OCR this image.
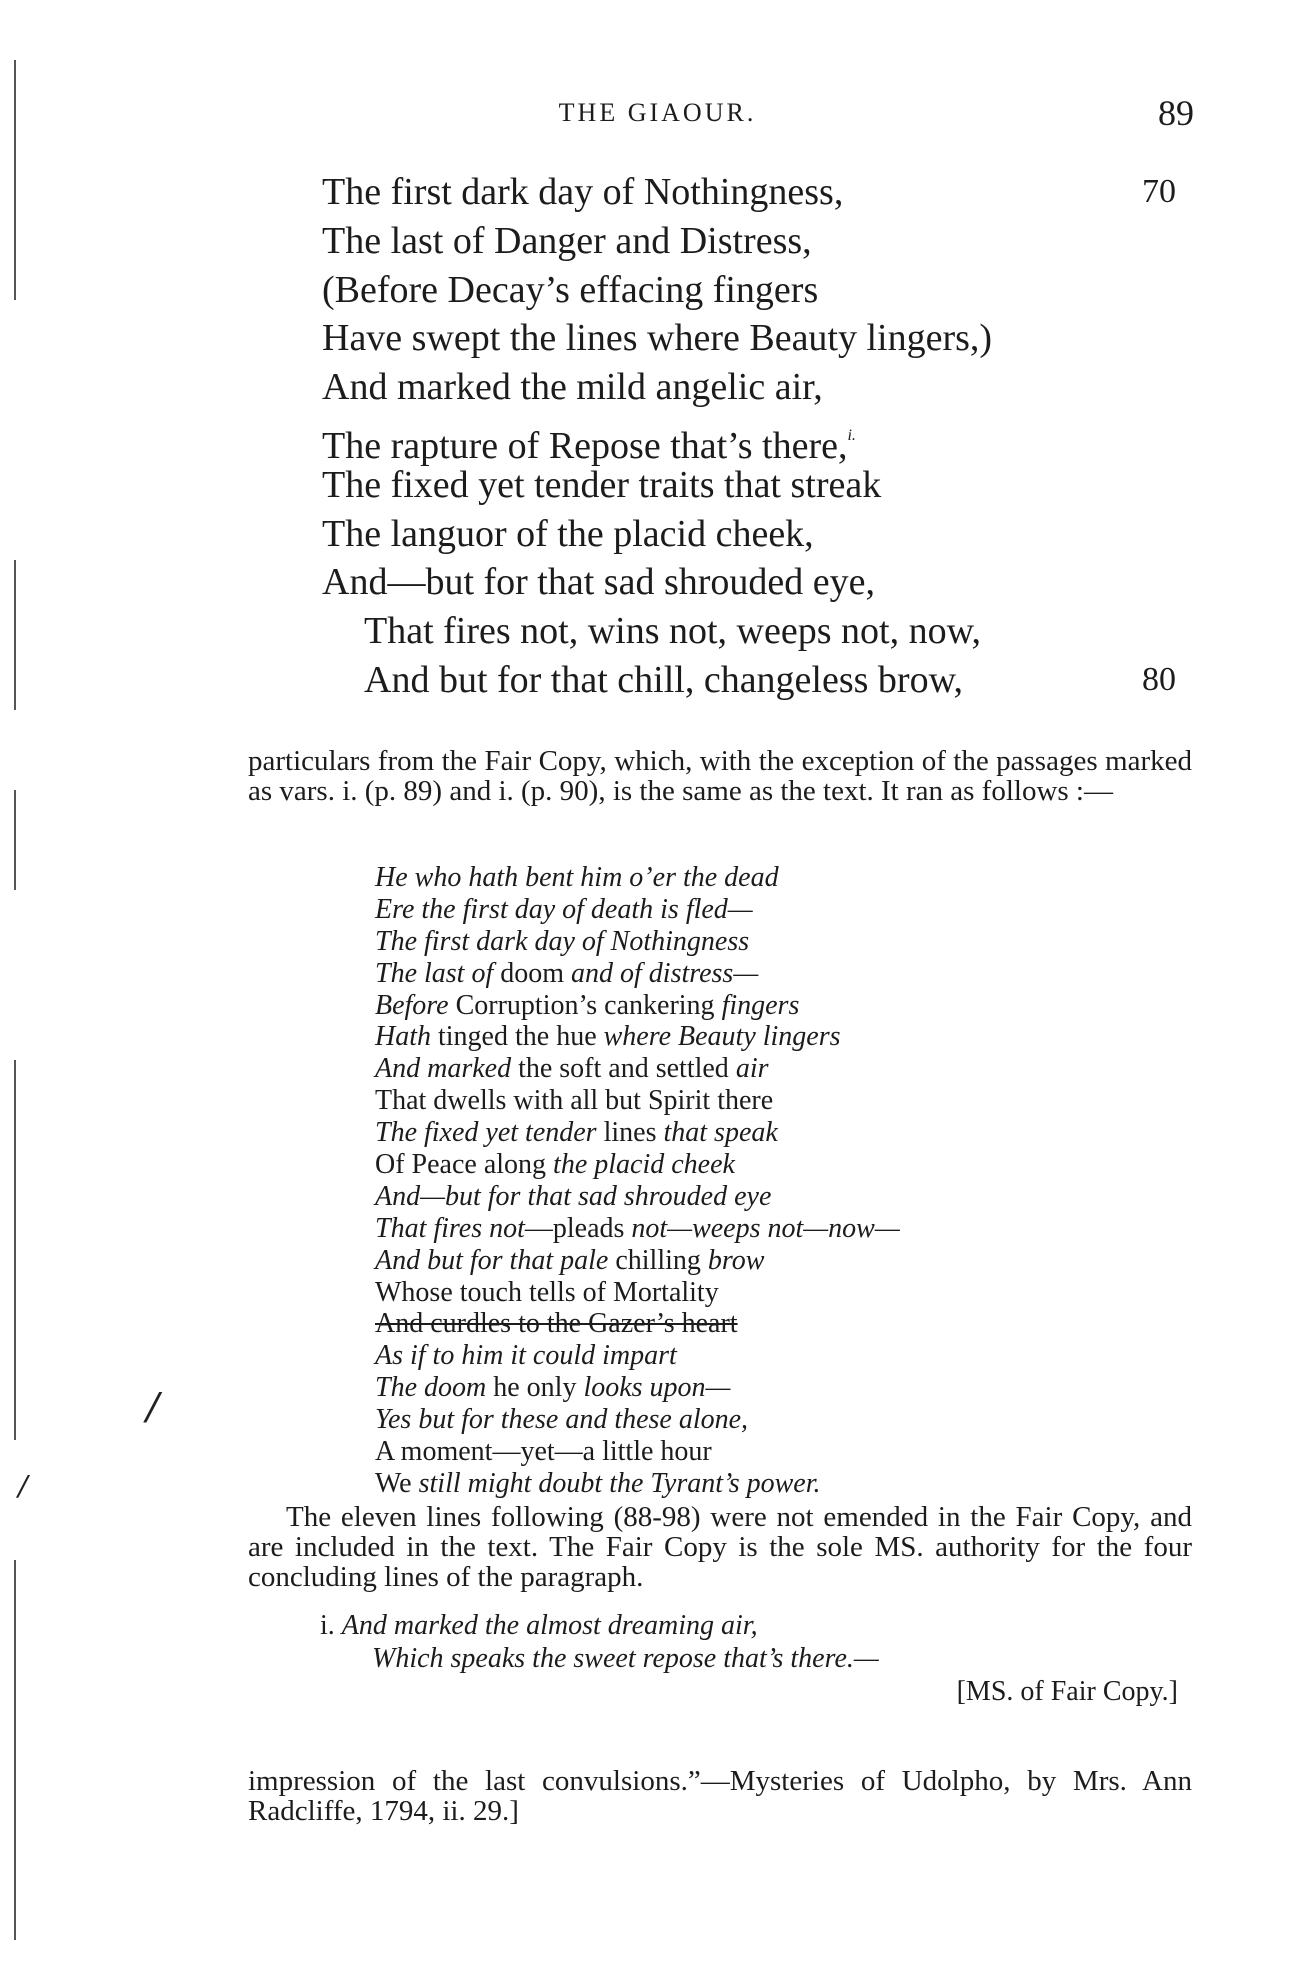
/
/
THE GIAOUR.	89
The first dark day of Nothingness,	70
The last of Danger and Distress,
(Before Decay’s effacing fingers
Have swept the lines where Beauty lingers,)
And marked the mild angelic air,
The rapture of Repose that’s there,$^{i.}$
The fixed yet tender traits that streak
The languor of the placid cheek,
And—but for that sad shrouded eye,
That fires not, wins not, weeps not, now,
And but for that chill, changeless brow,	80

particulars from the Fair Copy, which, with the exception of the passages marked as vars. i. (p. 89) and i. (p. 90), is the same as the text. It ran as follows :—

He who hath bent him o’er the dead
Ere the first day of death is fled—
The first dark day of Nothingness
The last of doom and of distress—
Before Corruption’s cankering fingers
Hath tinged the hue where Beauty lingers
And marked the soft and settled air
That dwells with all but Spirit there
The fixed yet tender lines that speak
Of Peace along the placid cheek
And—but for that sad shrouded eye
That fires not—pleads not—weeps not—now—
And but for that pale chilling brow
Whose touch tells of Mortality
And curdles to the Gazer’s heart
As if to him it could impart
The doom he only looks upon—
Yes but for these and these alone,
A moment—yet—a little hour
We still might doubt the Tyrant’s power.

The eleven lines following (88-98) were not emended in the Fair Copy, and are included in the text. The Fair Copy is the sole MS. authority for the four concluding lines of the paragraph.

i. And marked the almost dreaming air,
Which speaks the sweet repose that’s there.—
[MS. of Fair Copy.]

impression of the last convulsions.”—Mysteries of Udolpho, by Mrs. Ann Radcliffe, 1794, ii. 29.]
